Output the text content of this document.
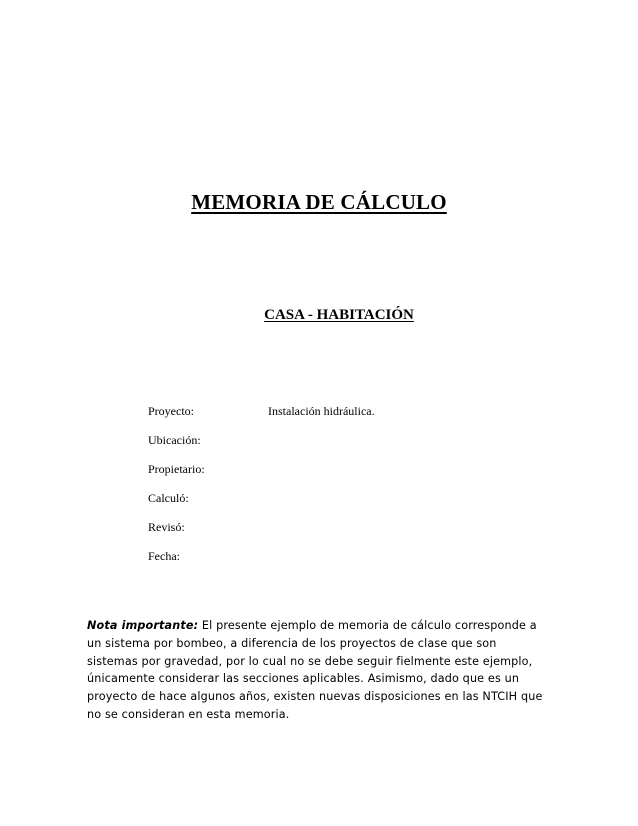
MEMORIA DE CÁLCULO
CASA - HABITACIÓN
Proyecto:	Instalación hidráulica.
Ubicación:
Propietario:
Calculó:
Revisó:
Fecha:
Nota importante: El presente ejemplo de memoria de cálculo corresponde a un sistema por bombeo, a diferencia de los proyectos de clase que son sistemas por gravedad, por lo cual no se debe seguir fielmente este ejemplo, únicamente considerar las secciones aplicables. Asimismo, dado que es un proyecto de hace algunos años, existen nuevas disposiciones en las NTCIH que no se consideran en esta memoria.
